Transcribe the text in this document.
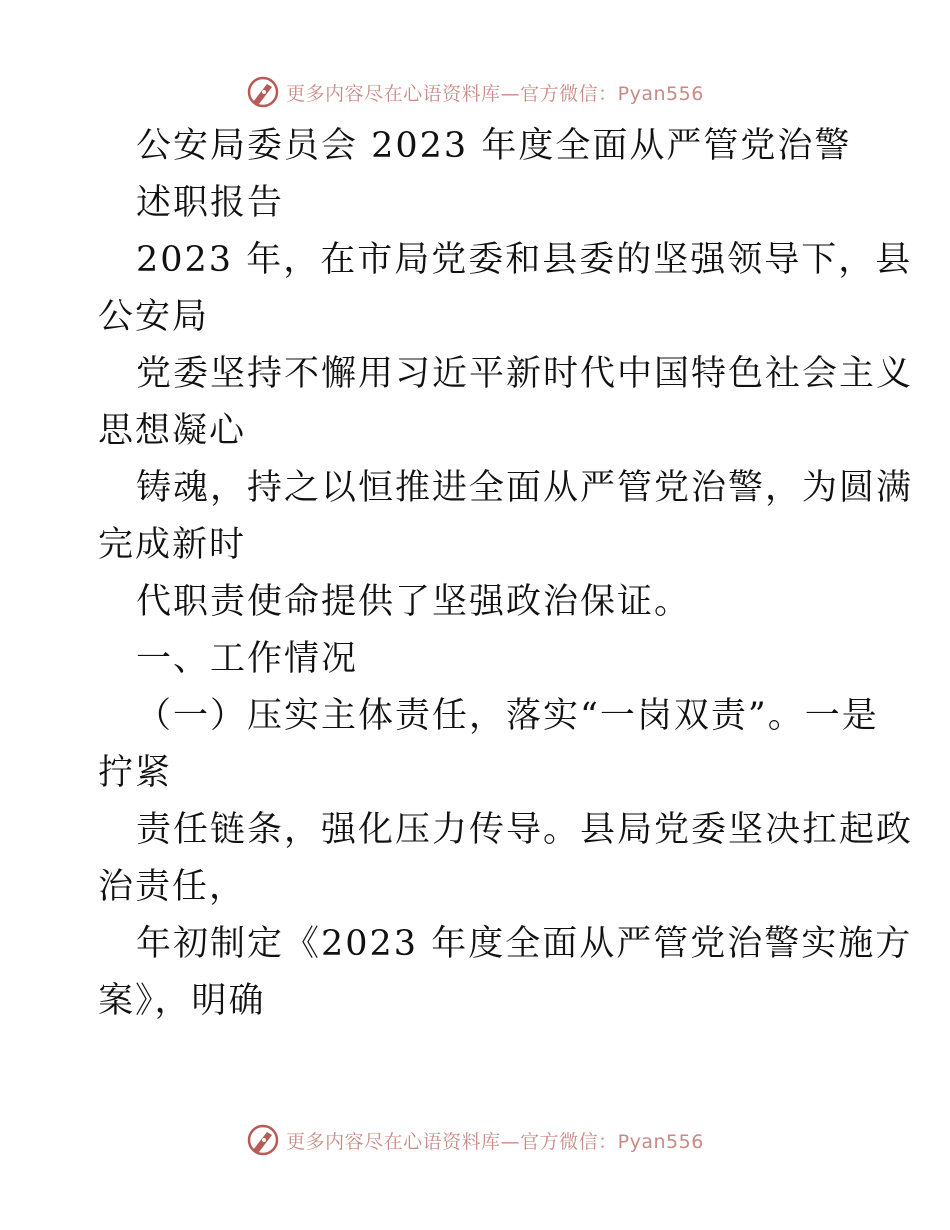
更多内容尽在心语资料库—官方微信：Pyan556
公安局委员会 2023 年度全面从严管党治警
述职报告
2023 年，在市局党委和县委的坚强领导下，县
公安局
党委坚持不懈用习近平新时代中国特色社会主义
思想凝心
铸魂，持之以恒推进全面从严管党治警，为圆满
完成新时
代职责使命提供了坚强政治保证。
一、工作情况
（一）压实主体责任，落实“一岗双责”。一是
拧紧
责任链条，强化压力传导。县局党委坚决扛起政
治责任，
年初制定《2023 年度全面从严管党治警实施方
案》，明确
更多内容尽在心语资料库—官方微信：Pyan556
